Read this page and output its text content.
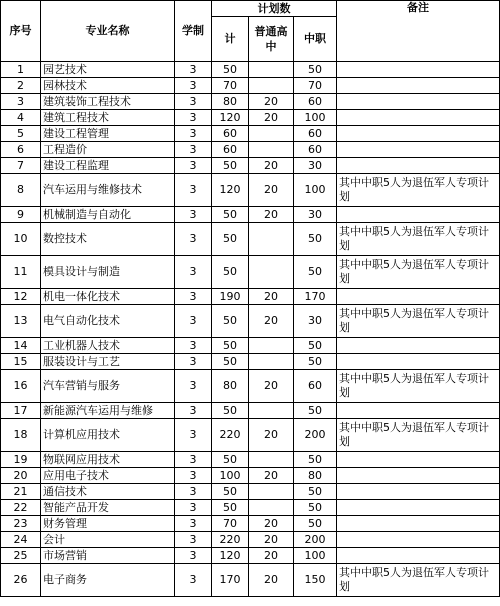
序号	专业名称	学制	计划数			备注
			计	普通高中	中职	
1	园艺技术	3	50		50	
2	园林技术	3	70		70	
3	建筑装饰工程技术	3	80	20	60	
4	建筑工程技术	3	120	20	100	
5	建设工程管理	3	60		60	
6	工程造价	3	60		60	
7	建设工程监理	3	50	20	30	
8	汽车运用与维修技术	3	120	20	100	其中中职5人为退伍军人专项计划
9	机械制造与自动化	3	50	20	30	
10	数控技术	3	50		50	其中中职5人为退伍军人专项计划
11	模具设计与制造	3	50		50	其中中职5人为退伍军人专项计划
12	机电一体化技术	3	190	20	170	
13	电气自动化技术	3	50	20	30	其中中职5人为退伍军人专项计划
14	工业机器人技术	3	50		50	
15	服装设计与工艺	3	50		50	
16	汽车营销与服务	3	80	20	60	其中中职5人为退伍军人专项计划
17	新能源汽车运用与维修	3	50		50	
18	计算机应用技术	3	220	20	200	其中中职5人为退伍军人专项计划
19	物联网应用技术	3	50		50	
20	应用电子技术	3	100	20	80	
21	通信技术	3	50		50	
22	智能产品开发	3	50		50	
23	财务管理	3	70	20	50	
24	会计	3	220	20	200	
25	市场营销	3	120	20	100	
26	电子商务	3	170	20	150	其中中职5人为退伍军人专项计划
